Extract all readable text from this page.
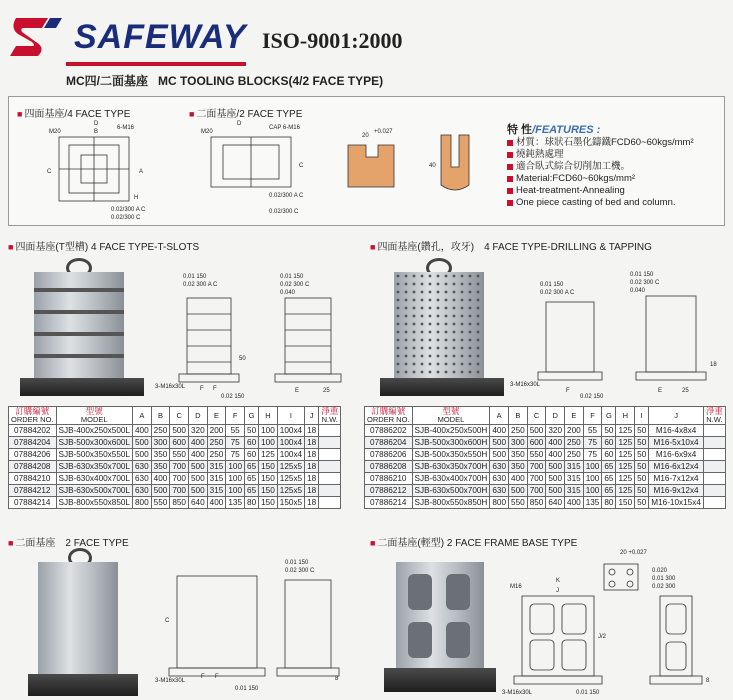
SAFEWAY ISO-9001:2000
MC四/二面基座 MC TOOLING BLOCKS(4/2 FACE TYPE)
■ 四面基座/4 FACE TYPE	■ 二面基座/2 FACE TYPE
M20
D
B
6-M16
C	A
H
0.02/300 A C
0.02/300 C
M20
D
CAP 6-M16
C
0.02/300 A C
0.02/300 C
+0.027
20
40
特 性/FEATURES :
材質：球狀石墨化鑄鐵FCD60~60kgs/mm²
燒鈍熱處理
適合臥式綜合切削加工機。
Material:FCD60~60kgs/mm²
Heat-treatment-Annealing
One piece casting of bed and column.
■ 四面基座(T型槽) 4 FACE TYPE-T-SLOTS	■ 四面基座(鑽孔，攻牙)　4 FACE TYPE-DRILLING & TAPPING
0.01 150
0.02 300 A C
0.01 150
0.02 300 C
0.040
3-M16x30L F F
0.02 150
E	25
50
0.01 150
0.02 300 A C
0.01 150
0.02 300 C
0.040
3-M16x30L
F
0.02 150
E	25
18
訂購編號
ORDER NO.	型號
MODEL	A	B	C	D	E	F	G	H	I	J	淨重
N.W.

07884202	SJB-400x250x500L	400	250	500	320	200	55	50	100	100x4	18	
07884204	SJB-500x300x600L	500	300	600	400	250	75	60	100	100x4	18	
07884206	SJB-500x350x550L	500	350	550	400	250	75	60	125	100x4	18	
07884208	SJB-630x350x700L	630	350	700	500	315	100	65	150	125x5	18	
07884210	SJB-630x400x700L	630	400	700	500	315	100	65	150	125x5	18	
07884212	SJB-630x500x700L	630	500	700	500	315	100	65	150	125x5	18	
07884214	SJB-800x550x850L	800	550	850	640	400	135	80	150	150x5	18	
訂購編號
ORDER NO.	型號
MODEL	A	B	C	D	E	F	G	H	I	J	淨重
N.W.

07886202	SJB-400x250x500H	400	250	500	320	200	55	50	125	50	M16-4x8x4	
07886204	SJB-500x300x600H	500	300	600	400	250	75	60	125	50	M16-5x10x4	
07886206	SJB-500x350x550H	500	350	550	400	250	75	60	125	50	M16-6x9x4	
07886208	SJB-630x350x700H	630	350	700	500	315	100	65	125	50	M16-6x12x4	
07886210	SJB-630x400x700H	630	400	700	500	315	100	65	125	50	M16-7x12x4	
07886212	SJB-630x500x700H	630	500	700	500	315	100	65	125	50	M16-9x12x4	
07886214	SJB-800x550x850H	800	550	850	640	400	135	80	150	50	M16-10x15x4	
■ 二面基座　2 FACE TYPE	■ 二面基座(輕型) 2 FACE FRAME BASE TYPE
C
0.01 150
0.02 300 C
3-M16x30L
F F
0.01 150
8
20 +0.027
M16
K
J
J/2
0.020
0.01 300
0.02 300
3-M16x30L	0.01 150
8
